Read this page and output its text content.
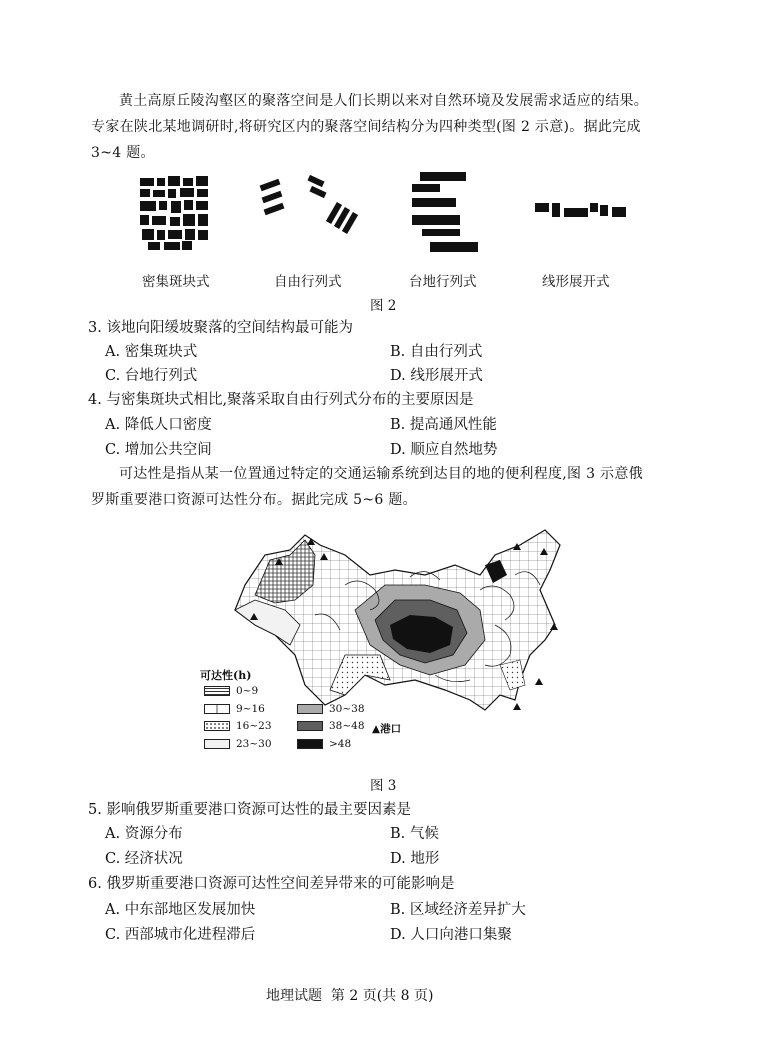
黄土高原丘陵沟壑区的聚落空间是人们长期以来对自然环境及发展需求适应的结果。
专家在陕北某地调研时,将研究区内的聚落空间结构分为四种类型(图 2 示意)。据此完成
3~4 题。
密集斑块式	自由行列式	台地行列式	线形展开式
图 2
3. 该地向阳缓坡聚落的空间结构最可能为
A. 密集斑块式	B. 自由行列式
C. 台地行列式	D. 线形展开式
4. 与密集斑块式相比,聚落采取自由行列式分布的主要原因是
A. 降低人口密度	B. 提高通风性能
C. 增加公共空间	D. 顺应自然地势
可达性是指从某一位置通过特定的交通运输系统到达目的地的便利程度,图 3 示意俄
罗斯重要港口资源可达性分布。据此完成 5~6 题。
可达性(h)
0~9
9~16
16~23
23~30
30~38
38~48
>48
▲港口
图 3
5. 影响俄罗斯重要港口资源可达性的最主要因素是
A. 资源分布	B. 气候
C. 经济状况	D. 地形
6. 俄罗斯重要港口资源可达性空间差异带来的可能影响是
A. 中东部地区发展加快	B. 区域经济差异扩大
C. 西部城市化进程滞后	D. 人口向港口集聚
地理试题  第 2 页(共 8 页)
